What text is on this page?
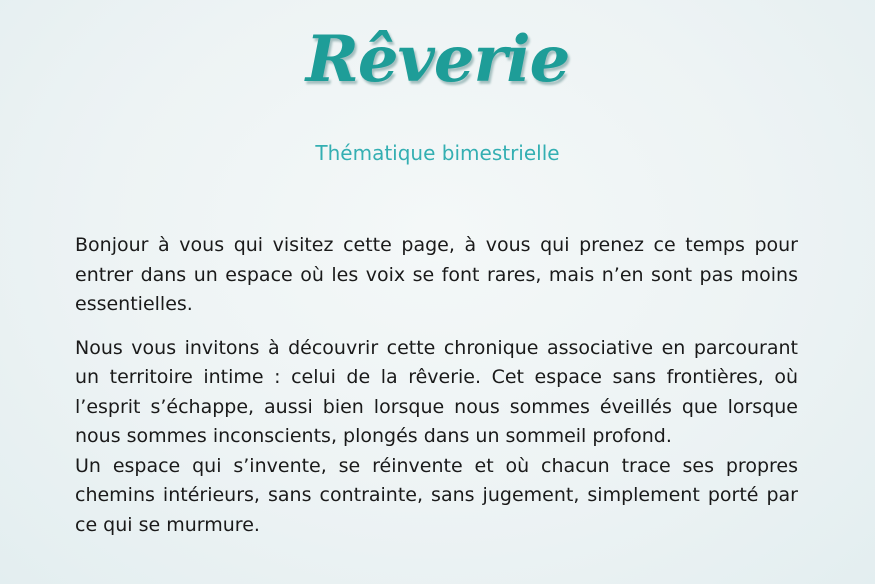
Rêverie
Thématique bimestrielle

Bonjour à vous qui visitez cette page, à vous qui prenez ce temps pour entrer dans un espace où les voix se font rares, mais n’en sont pas moins essentielles.

Nous vous invitons à découvrir cette chronique associative en parcourant un territoire intime : celui de la rêverie. Cet espace sans frontières, où l’esprit s’échappe, aussi bien lorsque nous sommes éveillés que lorsque nous sommes inconscients, plongés dans un sommeil profond.

Un espace qui s’invente, se réinvente et où chacun trace ses propres chemins intérieurs, sans contrainte, sans jugement, simplement porté par ce qui se murmure.
